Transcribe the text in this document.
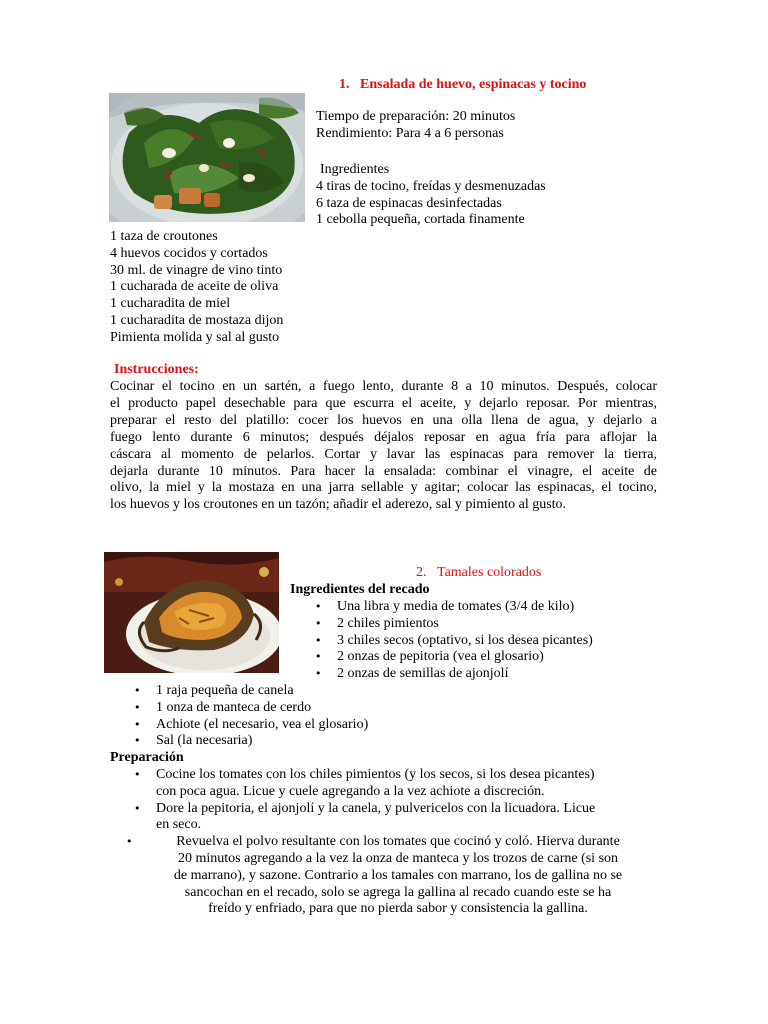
1. Ensalada de huevo, espinacas y tocino
Tiempo de preparación: 20 minutos
Rendimiento: Para 4 a 6 personas
Ingredientes
4 tiras de tocino, freídas y desmenuzadas
6 taza de espinacas desinfectadas
1 cebolla pequeña, cortada finamente
1 taza de croutones
4 huevos cocidos y cortados
30 ml. de vinagre de vino tinto
1 cucharada de aceite de oliva
1 cucharadita de miel
1 cucharadita de mostaza dijon
Pimienta molida y sal al gusto
Instrucciones:
Cocinar el tocino en un sartén, a fuego lento, durante 8 a 10 minutos. Después, colocar
el producto papel desechable para que escurra el aceite, y dejarlo reposar. Por mientras,
preparar el resto del platillo: cocer los huevos en una olla llena de agua, y dejarlo a
fuego lento durante 6 minutos; después déjalos reposar en agua fría para aflojar la
cáscara al momento de pelarlos. Cortar y lavar las espinacas para remover la tierra,
dejarla durante 10 minutos. Para hacer la ensalada: combinar el vinagre, el aceite de
olivo, la miel y la mostaza en una jarra sellable y agitar; colocar las espinacas, el tocino,
los huevos y los croutones en un tazón; añadir el aderezo, sal y pimiento al gusto.
2. Tamales colorados
Ingredientes del recado
• Una libra y media de tomates (3/4 de kilo)
• 2 chiles pimientos
• 3 chiles secos (optativo, si los desea picantes)
• 2 onzas de pepitoria (vea el glosario)
• 2 onzas de semillas de ajonjolí
• 1 raja pequeña de canela
• 1 onza de manteca de cerdo
• Achiote (el necesario, vea el glosario)
• Sal (la necesaria)
Preparación
• Cocine los tomates con los chiles pimientos (y los secos, si los desea picantes)
con poca agua. Licue y cuele agregando a la vez achiote a discreción.
• Dore la pepitoria, el ajonjolí y la canela, y pulvericelos con la licuadora. Licue
en seco.
• Revuelva el polvo resultante con los tomates que cocinó y coló. Hierva durante
20 minutos agregando a la vez la onza de manteca y los trozos de carne (si son
de marrano), y sazone. Contrario a los tamales con marrano, los de gallina no se
sancochan en el recado, solo se agrega la gallina al recado cuando este se ha
freído y enfriado, para que no pierda sabor y consistencia la gallina.
